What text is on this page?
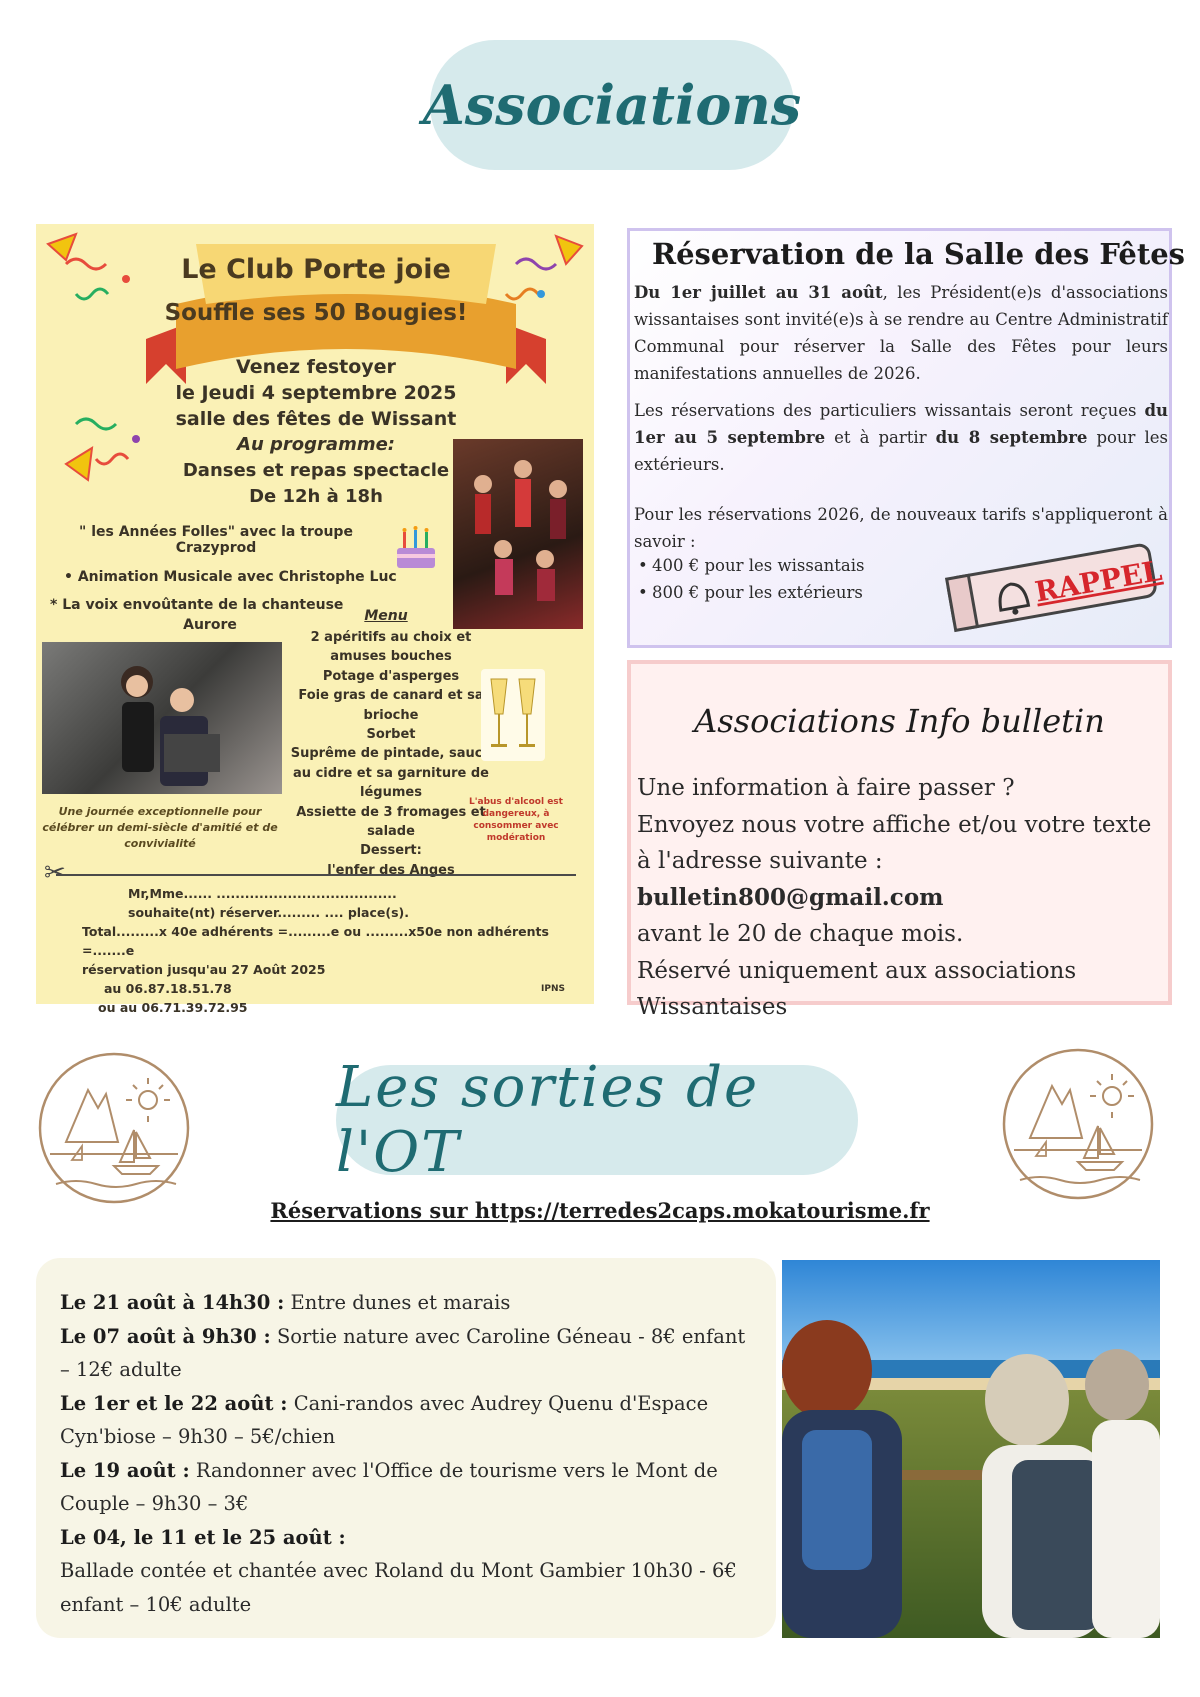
Associations
Le Club Porte joie
Souffle ses 50 Bougies!
Venez festoyer
le Jeudi 4 septembre 2025
salle des fêtes de Wissant
Au programme:
Danses et repas spectacle
De 12h à 18h
" les Années Folles" avec la troupe Crazyprod
• Animation Musicale avec Christophe Luc
* La voix envoûtante de la chanteuse
Aurore
Menu
2 apéritifs au choix et amuses bouches
Potage d'asperges
Foie gras de canard et sa brioche
Sorbet
Suprême de pintade, sauce au cidre et sa garniture de légumes
Assiette de 3 fromages et salade
Dessert:
l'enfer des Anges
L'abus d'alcool est dangereux, à consommer avec modération
Une journée exceptionnelle pour célébrer un demi-siècle d'amitié et de convivialité
✂
Mr,Mme...... ......................................
souhaite(nt) réserver......... .... place(s).
Total.........x 40e adhérents =.........e ou .........x50e non adhérents =.......e
réservation jusqu'au 27 Août 2025
au 06.87.18.51.78
ou au 06.71.39.72.95
IPNS
Réservation de la Salle des Fêtes

Du 1er juillet au 31 août, les Président(e)s d'associations wissantaises sont invité(e)s à se rendre au Centre Administratif Communal pour réserver la Salle des Fêtes pour leurs manifestations annuelles de 2026.

Les réservations des particuliers wissantais seront reçues du 1er au 5 septembre et à partir du 8 septembre pour les extérieurs.

Pour les réservations 2026, de nouveaux tarifs s'appliqueront à savoir :

• 400 € pour les wissantais
• 800 € pour les extérieurs	RAPPEL
Associations Info bulletin
Une information à faire passer ?
Envoyez nous votre affiche et/ou votre texte
à l'adresse suivante : bulletin800@gmail.com
avant le 20 de chaque mois.
Réservé uniquement aux associations
Wissantaises
Les sorties de l'OT
Réservations sur https://terredes2caps.mokatourisme.fr
Le 21 août à 14h30 : Entre dunes et marais
Le 07 août à 9h30 : Sortie nature avec Caroline Géneau - 8€ enfant – 12€ adulte
Le 1er et le 22 août : Cani-randos avec Audrey Quenu d'Espace Cyn'biose – 9h30 – 5€/chien
Le 19 août : Randonner avec l'Office de tourisme vers le Mont de Couple – 9h30 – 3€
Le 04, le 11 et le 25 août :
Ballade contée et chantée avec Roland du Mont Gambier 10h30 - 6€ enfant – 10€ adulte
